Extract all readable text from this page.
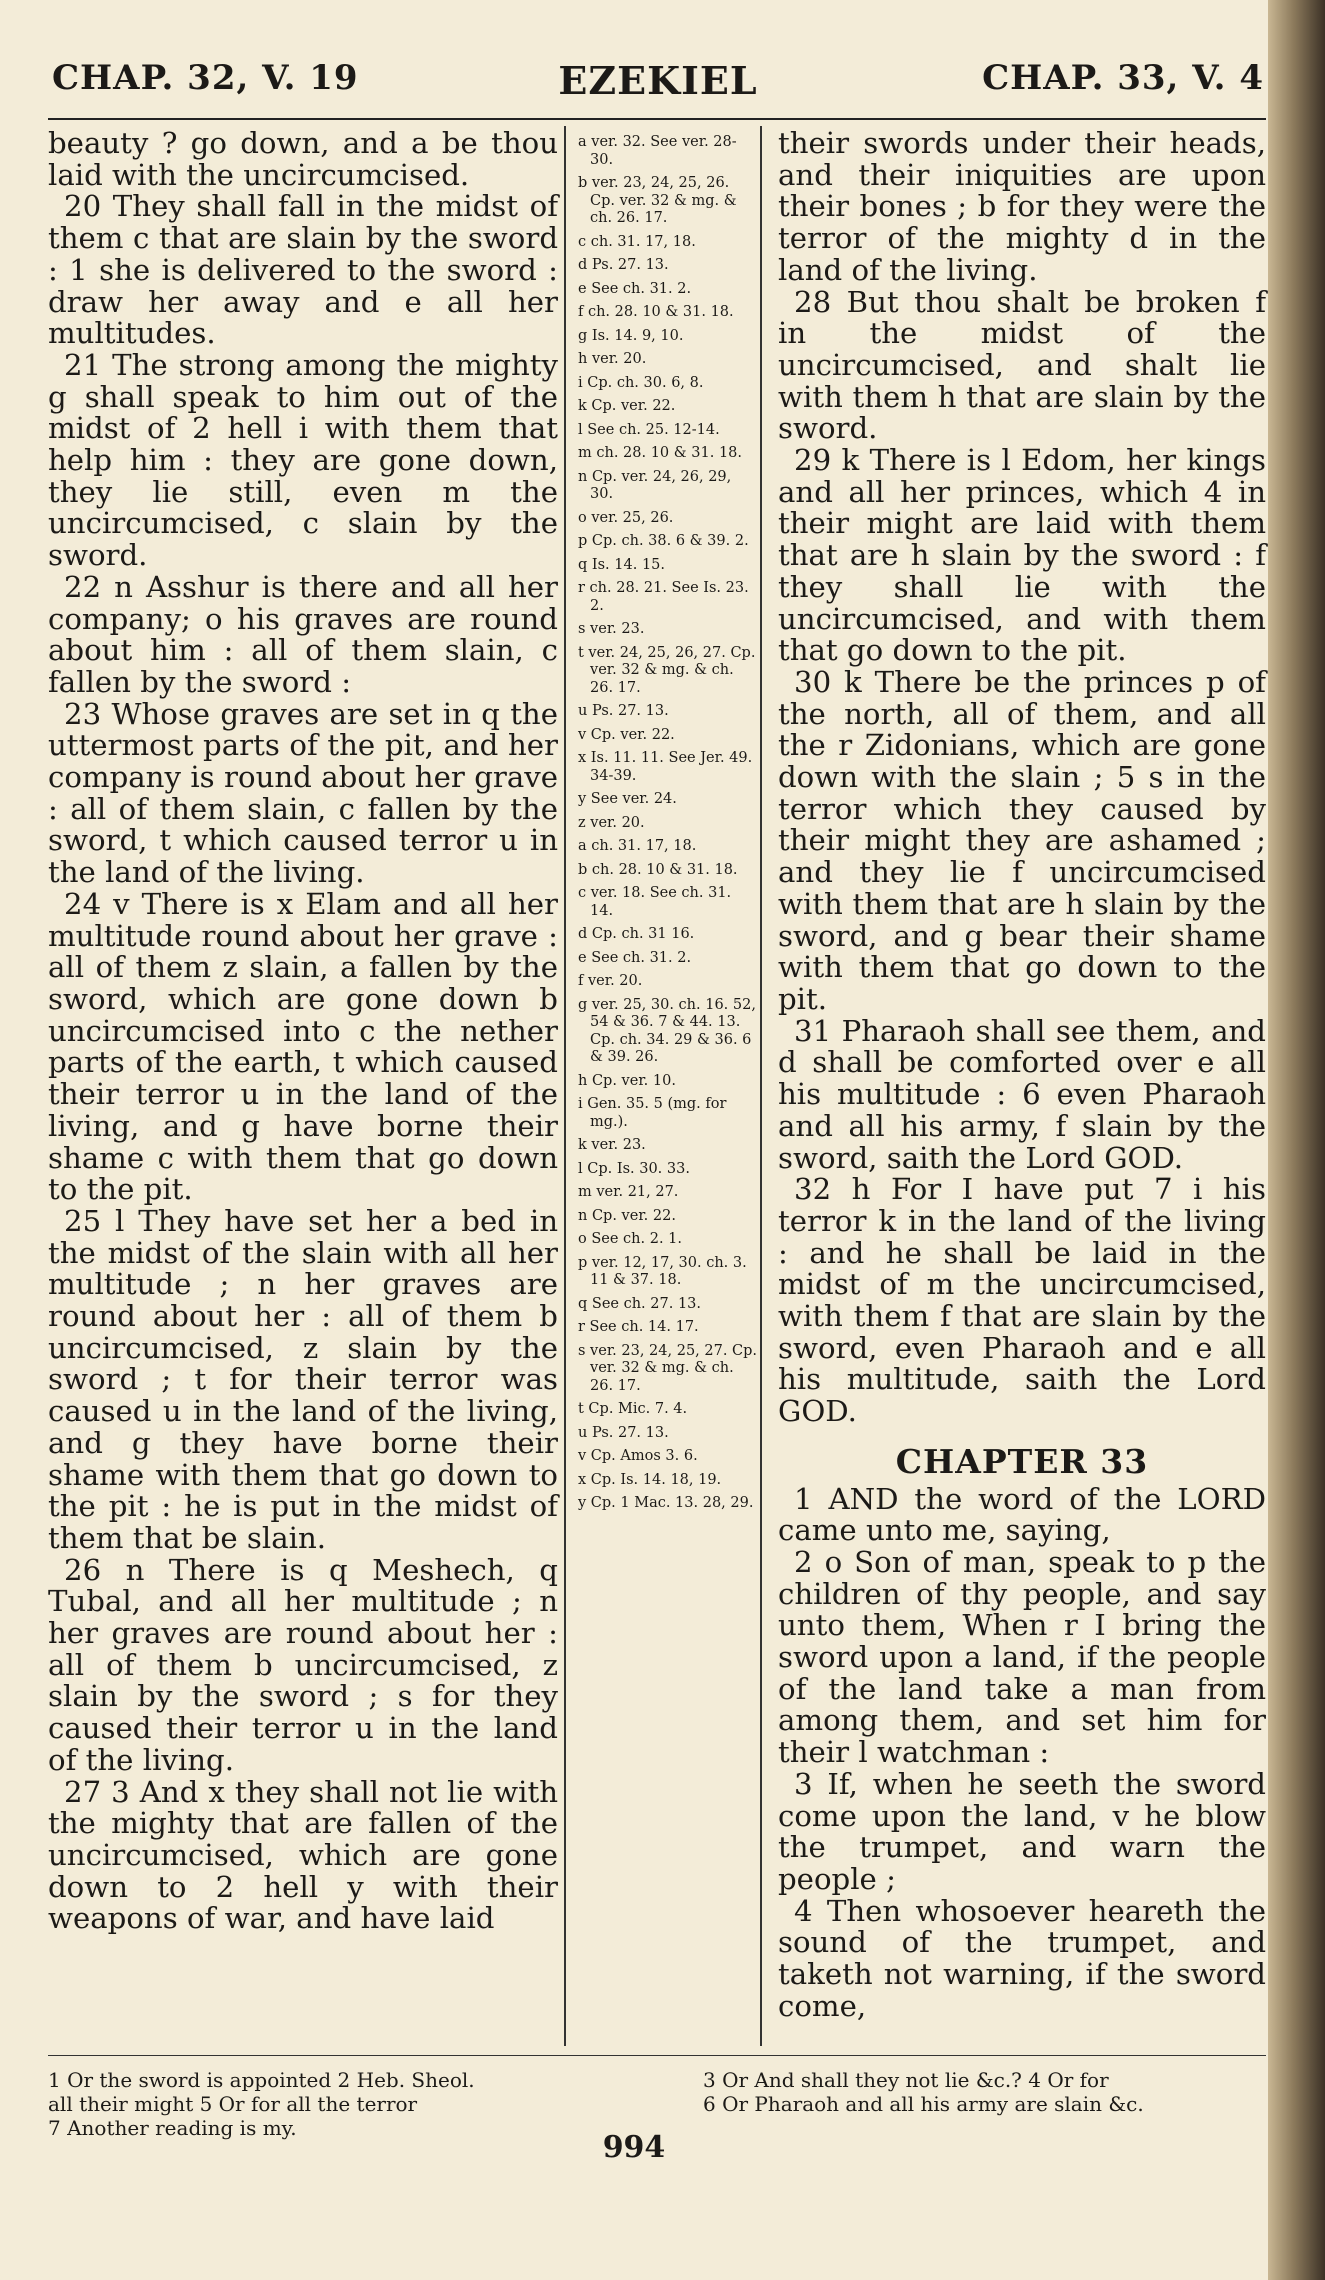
CHAP. 32, V. 19	EZEKIEL	CHAP. 33, V. 4

beauty ? go down, and a be thou laid with the uncircumcised.

20 They shall fall in the midst of them c that are slain by the sword : 1 she is delivered to the sword : draw her away and e all her multitudes.

21 The strong among the mighty g shall speak to him out of the midst of 2 hell i with them that help him : they are gone down, they lie still, even m the uncircumcised, c slain by the sword.

22 n Asshur is there and all her company; o his graves are round about him : all of them slain, c fallen by the sword :

23 Whose graves are set in q the uttermost parts of the pit, and her company is round about her grave : all of them slain, c fallen by the sword, t which caused terror u in the land of the living.

24 v There is x Elam and all her multitude round about her grave : all of them z slain, a fallen by the sword, which are gone down b uncircumcised into c the nether parts of the earth, t which caused their terror u in the land of the living, and g have borne their shame c with them that go down to the pit.

25 l They have set her a bed in the midst of the slain with all her multitude ; n her graves are round about her : all of them b uncircumcised, z slain by the sword ; t for their terror was caused u in the land of the living, and g they have borne their shame with them that go down to the pit : he is put in the midst of them that be slain.

26 n There is q Meshech, q Tubal, and all her multitude ; n her graves are round about her : all of them b uncircumcised, z slain by the sword ; s for they caused their terror u in the land of the living.

27 3 And x they shall not lie with the mighty that are fallen of the uncircumcised, which are gone down to 2 hell y with their weapons of war, and have laid

a ver. 32. See ver. 28-30.
b ver. 23, 24, 25, 26. Cp. ver. 32 & mg. & ch. 26. 17.
c ch. 31. 17, 18.
d Ps. 27. 13.
e See ch. 31. 2.
f ch. 28. 10 & 31. 18.
g Is. 14. 9, 10.
h ver. 20.
i Cp. ch. 30. 6, 8.
k Cp. ver. 22.
l See ch. 25. 12-14.
m ch. 28. 10 & 31. 18.
n Cp. ver. 24, 26, 29, 30.
o ver. 25, 26.
p Cp. ch. 38. 6 & 39. 2.
q Is. 14. 15.
r ch. 28. 21. See Is. 23. 2.
s ver. 23.
t ver. 24, 25, 26, 27. Cp. ver. 32 & mg. & ch. 26. 17.
u Ps. 27. 13.
v Cp. ver. 22.
x Is. 11. 11. See Jer. 49. 34-39.
y See ver. 24.
z ver. 20.
a ch. 31. 17, 18.
b ch. 28. 10 & 31. 18.
c ver. 18. See ch. 31. 14.
d Cp. ch. 31 16.
e See ch. 31. 2.
f ver. 20.
g ver. 25, 30. ch. 16. 52, 54 & 36. 7 & 44. 13. Cp. ch. 34. 29 & 36. 6 & 39. 26.
h Cp. ver. 10.
i Gen. 35. 5 (mg. for mg.).
k ver. 23.
l Cp. Is. 30. 33.
m ver. 21, 27.
n Cp. ver. 22.
o See ch. 2. 1.
p ver. 12, 17, 30. ch. 3. 11 & 37. 18.
q See ch. 27. 13.
r See ch. 14. 17.
s ver. 23, 24, 25, 27. Cp. ver. 32 & mg. & ch. 26. 17.
t Cp. Mic. 7. 4.
u Ps. 27. 13.
v Cp. Amos 3. 6.
x Cp. Is. 14. 18, 19.
y Cp. 1 Mac. 13. 28, 29.

their swords under their heads, and their iniquities are upon their bones ; b for they were the terror of the mighty d in the land of the living.

28 But thou shalt be broken f in the midst of the uncircumcised, and shalt lie with them h that are slain by the sword.

29 k There is l Edom, her kings and all her princes, which 4 in their might are laid with them that are h slain by the sword : f they shall lie with the uncircumcised, and with them that go down to the pit.

30 k There be the princes p of the north, all of them, and all the r Zidonians, which are gone down with the slain ; 5 s in the terror which they caused by their might they are ashamed ; and they lie f uncircumcised with them that are h slain by the sword, and g bear their shame with them that go down to the pit.

31 Pharaoh shall see them, and d shall be comforted over e all his multitude : 6 even Pharaoh and all his army, f slain by the sword, saith the Lord GOD.

32 h For I have put 7 i his terror k in the land of the living : and he shall be laid in the midst of m the uncircumcised, with them f that are slain by the sword, even Pharaoh and e all his multitude, saith the Lord GOD.

CHAPTER 33

1 AND the word of the LORD came unto me, saying,

2 o Son of man, speak to p the children of thy people, and say unto them, When r I bring the sword upon a land, if the people of the land take a man from among them, and set him for their l watchman :

3 If, when he seeth the sword come upon the land, v he blow the trumpet, and warn the people ;

4 Then whosoever heareth the sound of the trumpet, and taketh not warning, if the sword come,

1 Or the sword is appointed 2 Heb. Sheol.
all their might 5 Or for all the terror
7 Another reading is my.
3 Or And shall they not lie &c.? 4 Or for
6 Or Pharaoh and all his army are slain &c.
994
